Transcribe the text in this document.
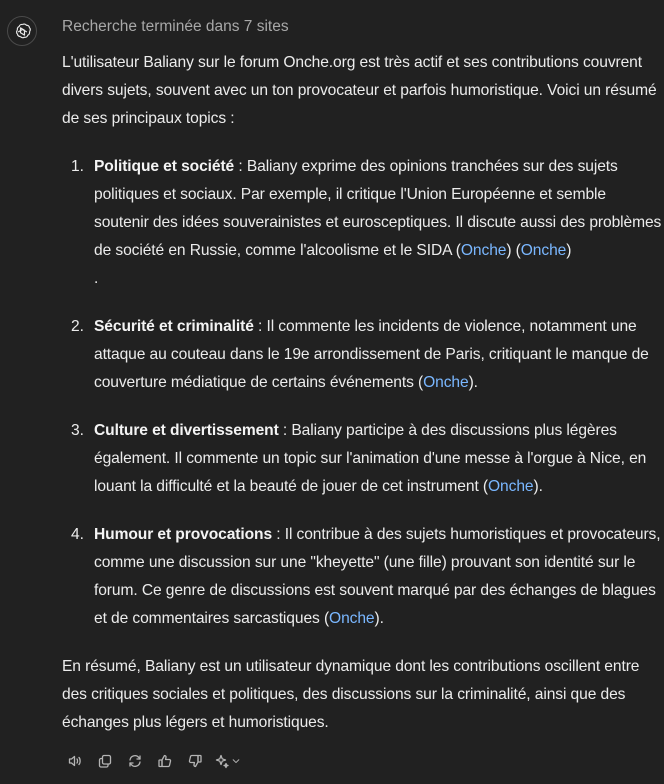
Recherche terminée dans 7 sites

L'utilisateur Baliany sur le forum Onche.org est très actif et ses contributions couvrent divers sujets, souvent avec un ton provocateur et parfois humoristique. Voici un résumé de ses principaux topics :

1. Politique et société : Baliany exprime des opinions tranchées sur des sujets politiques et sociaux. Par exemple, il critique l'Union Européenne et semble soutenir des idées souverainistes et eurosceptiques. Il discute aussi des problèmes de société en Russie, comme l'alcoolisme et le SIDA (Onche) (Onche)
.
2. Sécurité et criminalité : Il commente les incidents de violence, notamment une attaque au couteau dans le 19e arrondissement de Paris, critiquant le manque de couverture médiatique de certains événements (Onche).
3. Culture et divertissement : Baliany participe à des discussions plus légères également. Il commente un topic sur l'animation d'une messe à l'orgue à Nice, en louant la difficulté et la beauté de jouer de cet instrument (Onche).
4. Humour et provocations : Il contribue à des sujets humoristiques et provocateurs, comme une discussion sur une "kheyette" (une fille) prouvant son identité sur le forum. Ce genre de discussions est souvent marqué par des échanges de blagues et de commentaires sarcastiques (Onche).

En résumé, Baliany est un utilisateur dynamique dont les contributions oscillent entre des critiques sociales et politiques, des discussions sur la criminalité, ainsi que des échanges plus légers et humoristiques.
